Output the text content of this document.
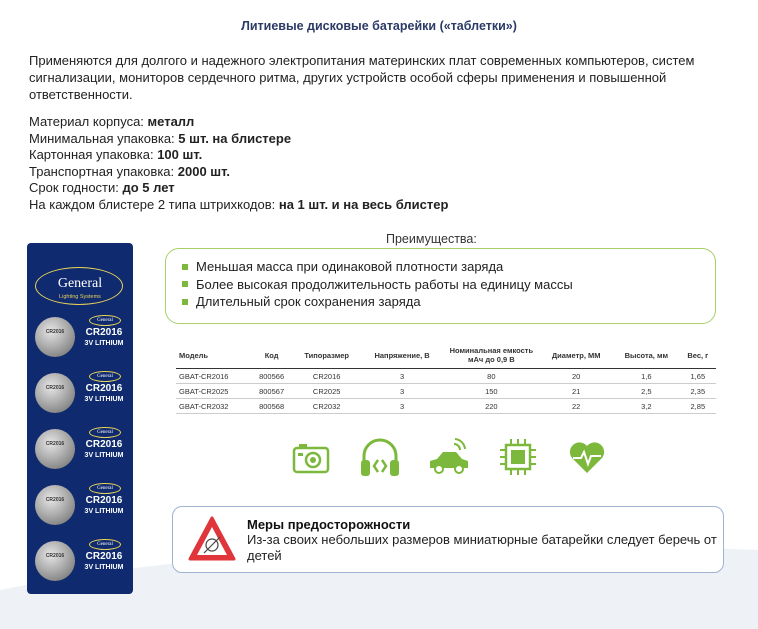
Литиевые дисковые батарейки («таблетки»)
Применяются для долгого и надежного электропитания материнских плат современных компьютеров, систем сигнализации, мониторов сердечного ритма, других устройств особой сферы применения и повышенной ответственности.
Материал корпуса: металл
Минимальная упаковка: 5 шт. на блистере
Картонная упаковка: 100 шт.
Транспортная упаковка: 2000 шт.
Срок годности: до 5 лет
На каждом блистере 2 типа штрихкодов: на 1 шт. и на весь блистер
General
Lighting Systems
CR2016
General
CR2016
3V LITHIUM
CR2016
General
CR2016
3V LITHIUM
CR2016
General
CR2016
3V LITHIUM
CR2016
General
CR2016
3V LITHIUM
CR2016
General
CR2016
3V LITHIUM
Преимущества:
Меньшая масса при одинаковой плотности заряда
Более высокая продолжительность работы на единицу массы
Длительный срок сохранения заряда
Модель	Код	Типоразмер	Напряжение, В	Номинальная емкость мАч до 0,9 В	Диаметр, ММ	Высота, мм	Вес, г
GBAT-CR2016	800566	CR2016	3	80	20	1,6	1,65
GBAT-CR2025	800567	CR2025	3	150	21	2,5	2,35
GBAT-CR2032	800568	CR2032	3	220	22	3,2	2,85
Меры предосторожности
Из-за своих небольших размеров миниатюрные батарейки следует беречь от детей
